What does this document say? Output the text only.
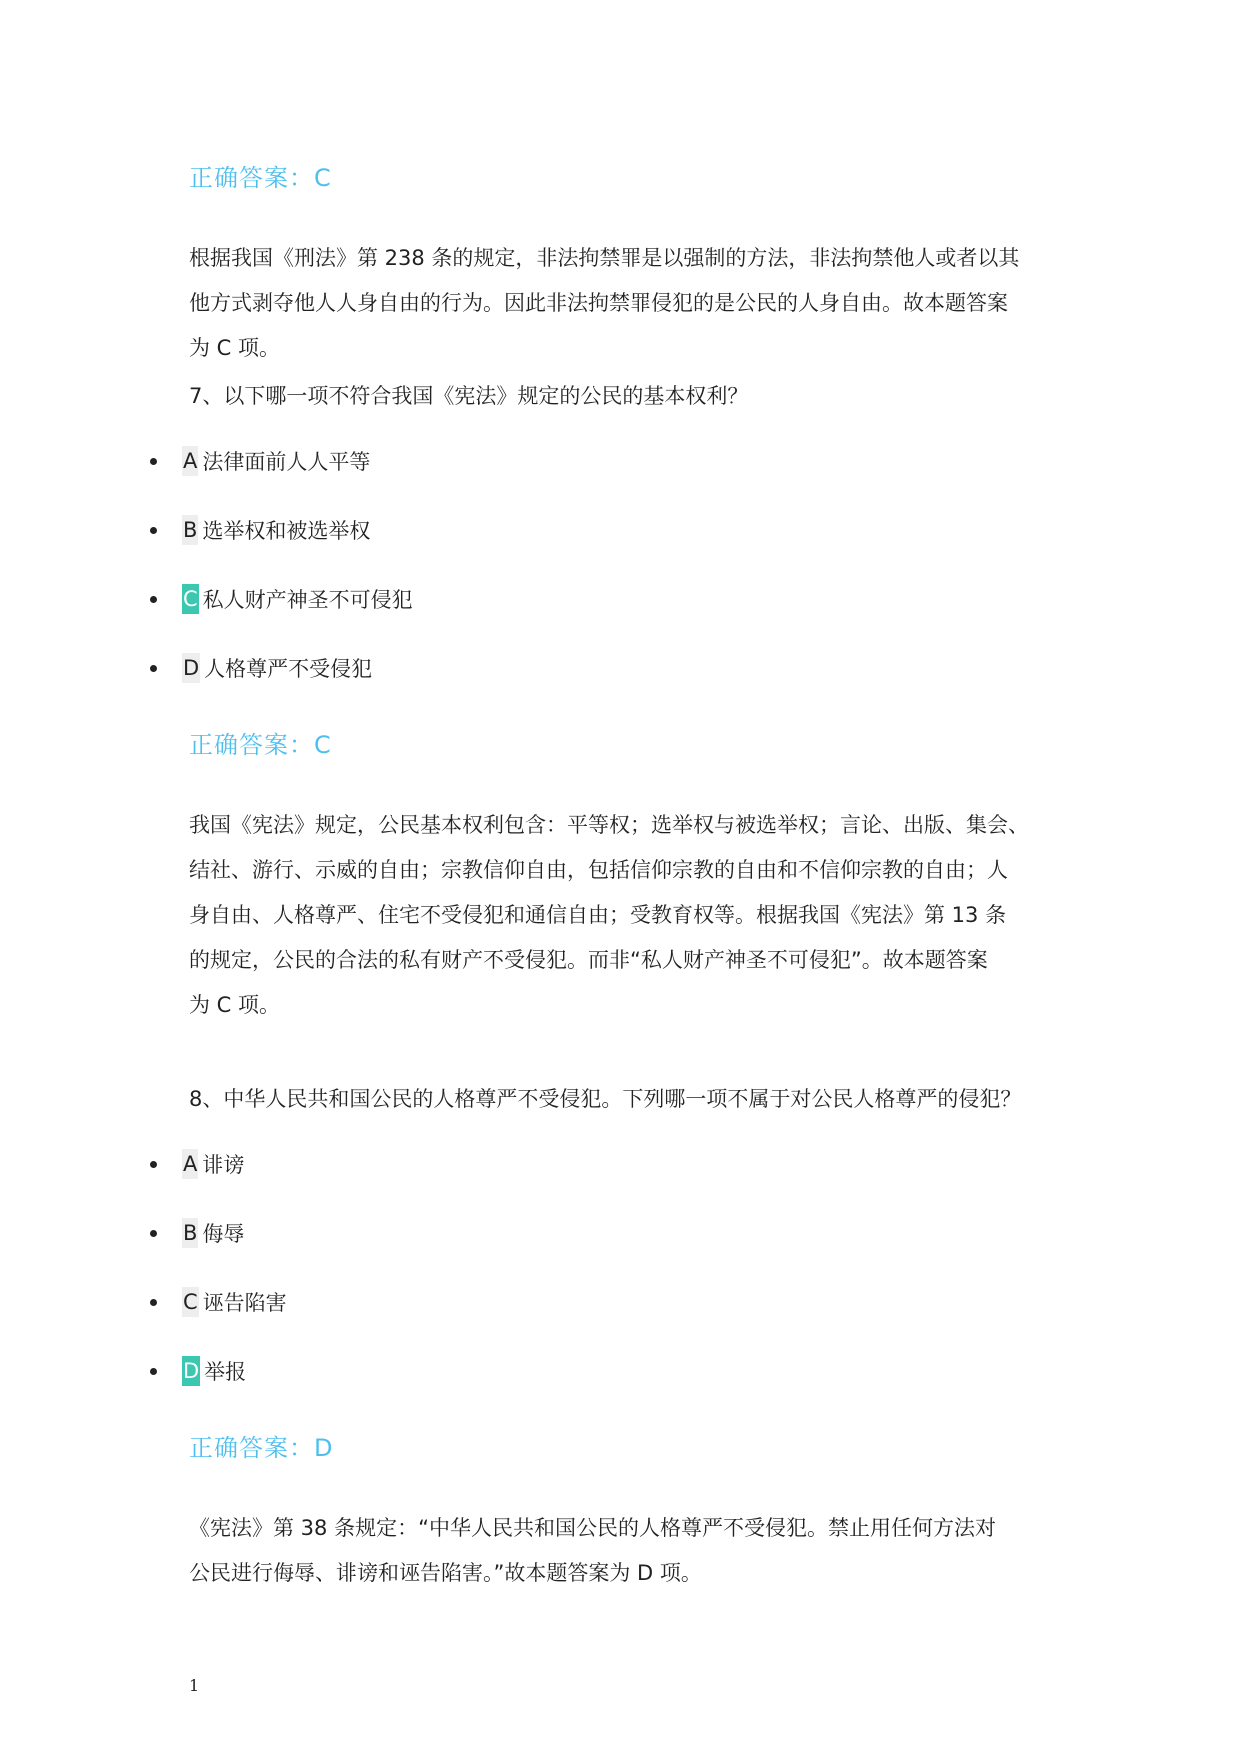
正确答案：C
根据我国《刑法》第 238 条的规定，非法拘禁罪是以强制的方法，非法拘禁他人或者以其
他方式剥夺他人人身自由的行为。因此非法拘禁罪侵犯的是公民的人身自由。故本题答案
为 C 项。
7、以下哪一项不符合我国《宪法》规定的公民的基本权利？
A 法律面前人人平等
B 选举权和被选举权
C 私人财产神圣不可侵犯
D 人格尊严不受侵犯
正确答案：C
我国《宪法》规定，公民基本权利包含：平等权；选举权与被选举权；言论、出版、集会、
结社、游行、示威的自由；宗教信仰自由，包括信仰宗教的自由和不信仰宗教的自由；人
身自由、人格尊严、住宅不受侵犯和通信自由；受教育权等。根据我国《宪法》第 13 条
的规定，公民的合法的私有财产不受侵犯。而非“私人财产神圣不可侵犯”。故本题答案
为 C 项。
8、中华人民共和国公民的人格尊严不受侵犯。下列哪一项不属于对公民人格尊严的侵犯？
A 诽谤
B 侮辱
C 诬告陷害
D 举报
正确答案：D
《宪法》第 38 条规定：“中华人民共和国公民的人格尊严不受侵犯。禁止用任何方法对
公民进行侮辱、诽谤和诬告陷害。”故本题答案为 D 项。
1
